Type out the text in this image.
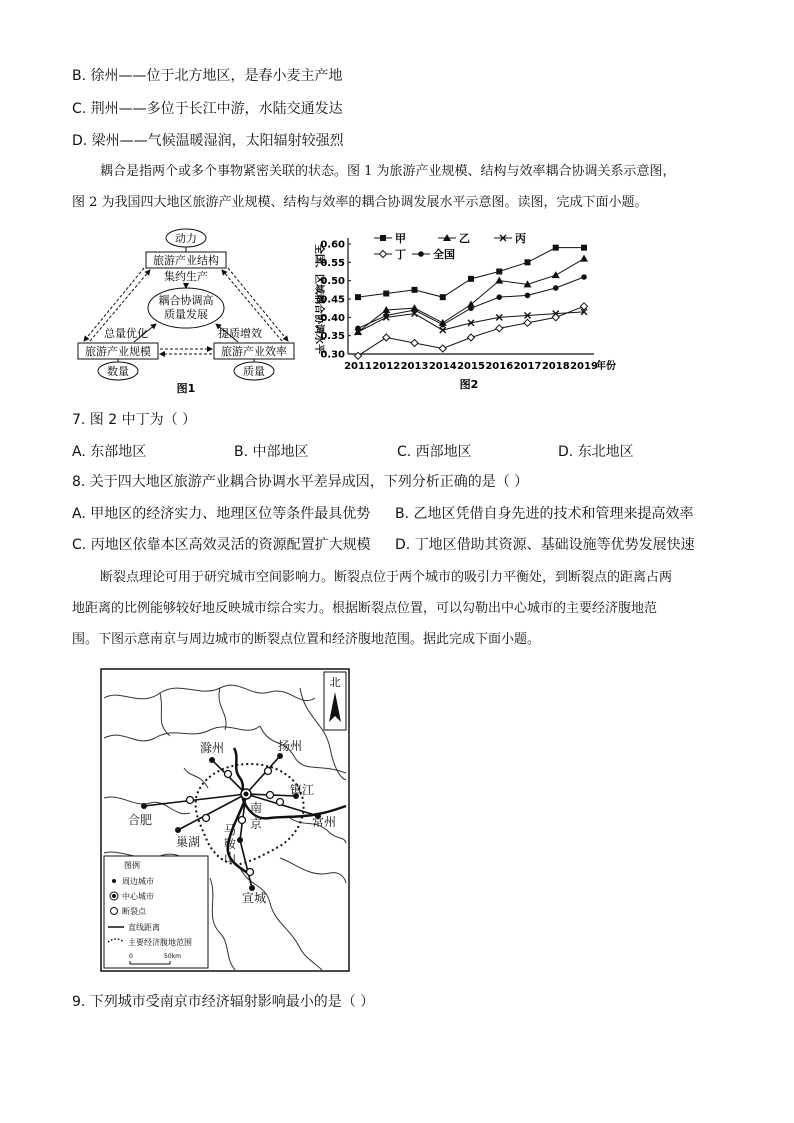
B. 徐州——位于北方地区，是春小麦主产地
C. 荆州——多位于长江中游，水陆交通发达
D. 梁州——气候温暖湿润，太阳辐射较强烈
耦合是指两个或多个事物紧密关联的状态。图 1 为旅游产业规模、结构与效率耦合协调关系示意图，
图 2 为我国四大地区旅游产业规模、结构与效率的耦合协调发展水平示意图。读图，完成下面小题。
动力
旅游产业结构
集约生产
耦合协调高
质量发展
旅游产业规模	旅游产业效率
总量优化	提质增效
数量	质量
图1
0.30
0.35
0.40
0.45
0.50
0.55
0.60
2011 2012 2013 2014 2015 2016 2017 2018 2019
年份
全国、区域耦合协调水平
图2
甲	乙	丙
丁 全国
7. 图 2 中丁为（ ）
A. 东部地区	B. 中部地区	C. 西部地区	D. 东北地区
8. 关于四大地区旅游产业耦合协调水平差异成因，下列分析正确的是（ ）
A. 甲地区的经济实力、地理区位等条件最具优势 B. 乙地区凭借自身先进的技术和管理来提高效率
C. 丙地区依靠本区高效灵活的资源配置扩大规模 D. 丁地区借助其资源、基础设施等优势发展快速
断裂点理论可用于研究城市空间影响力。断裂点位于两个城市的吸引力平衡处，到断裂点的距离占两
地距离的比例能够较好地反映城市综合实力。根据断裂点位置，可以勾勒出中心城市的主要经济腹地范
围。下图示意南京与周边城市的断裂点位置和经济腹地范围。据此完成下面小题。
滁州	扬州
镇江
常州
合肥
巢湖
南
京
马
鞍
山
宣城
北
图例
周边城市
中心城市
断裂点
直线距离
主要经济腹地范围
0	50km
9. 下列城市受南京市经济辐射影响最小的是（ ）
